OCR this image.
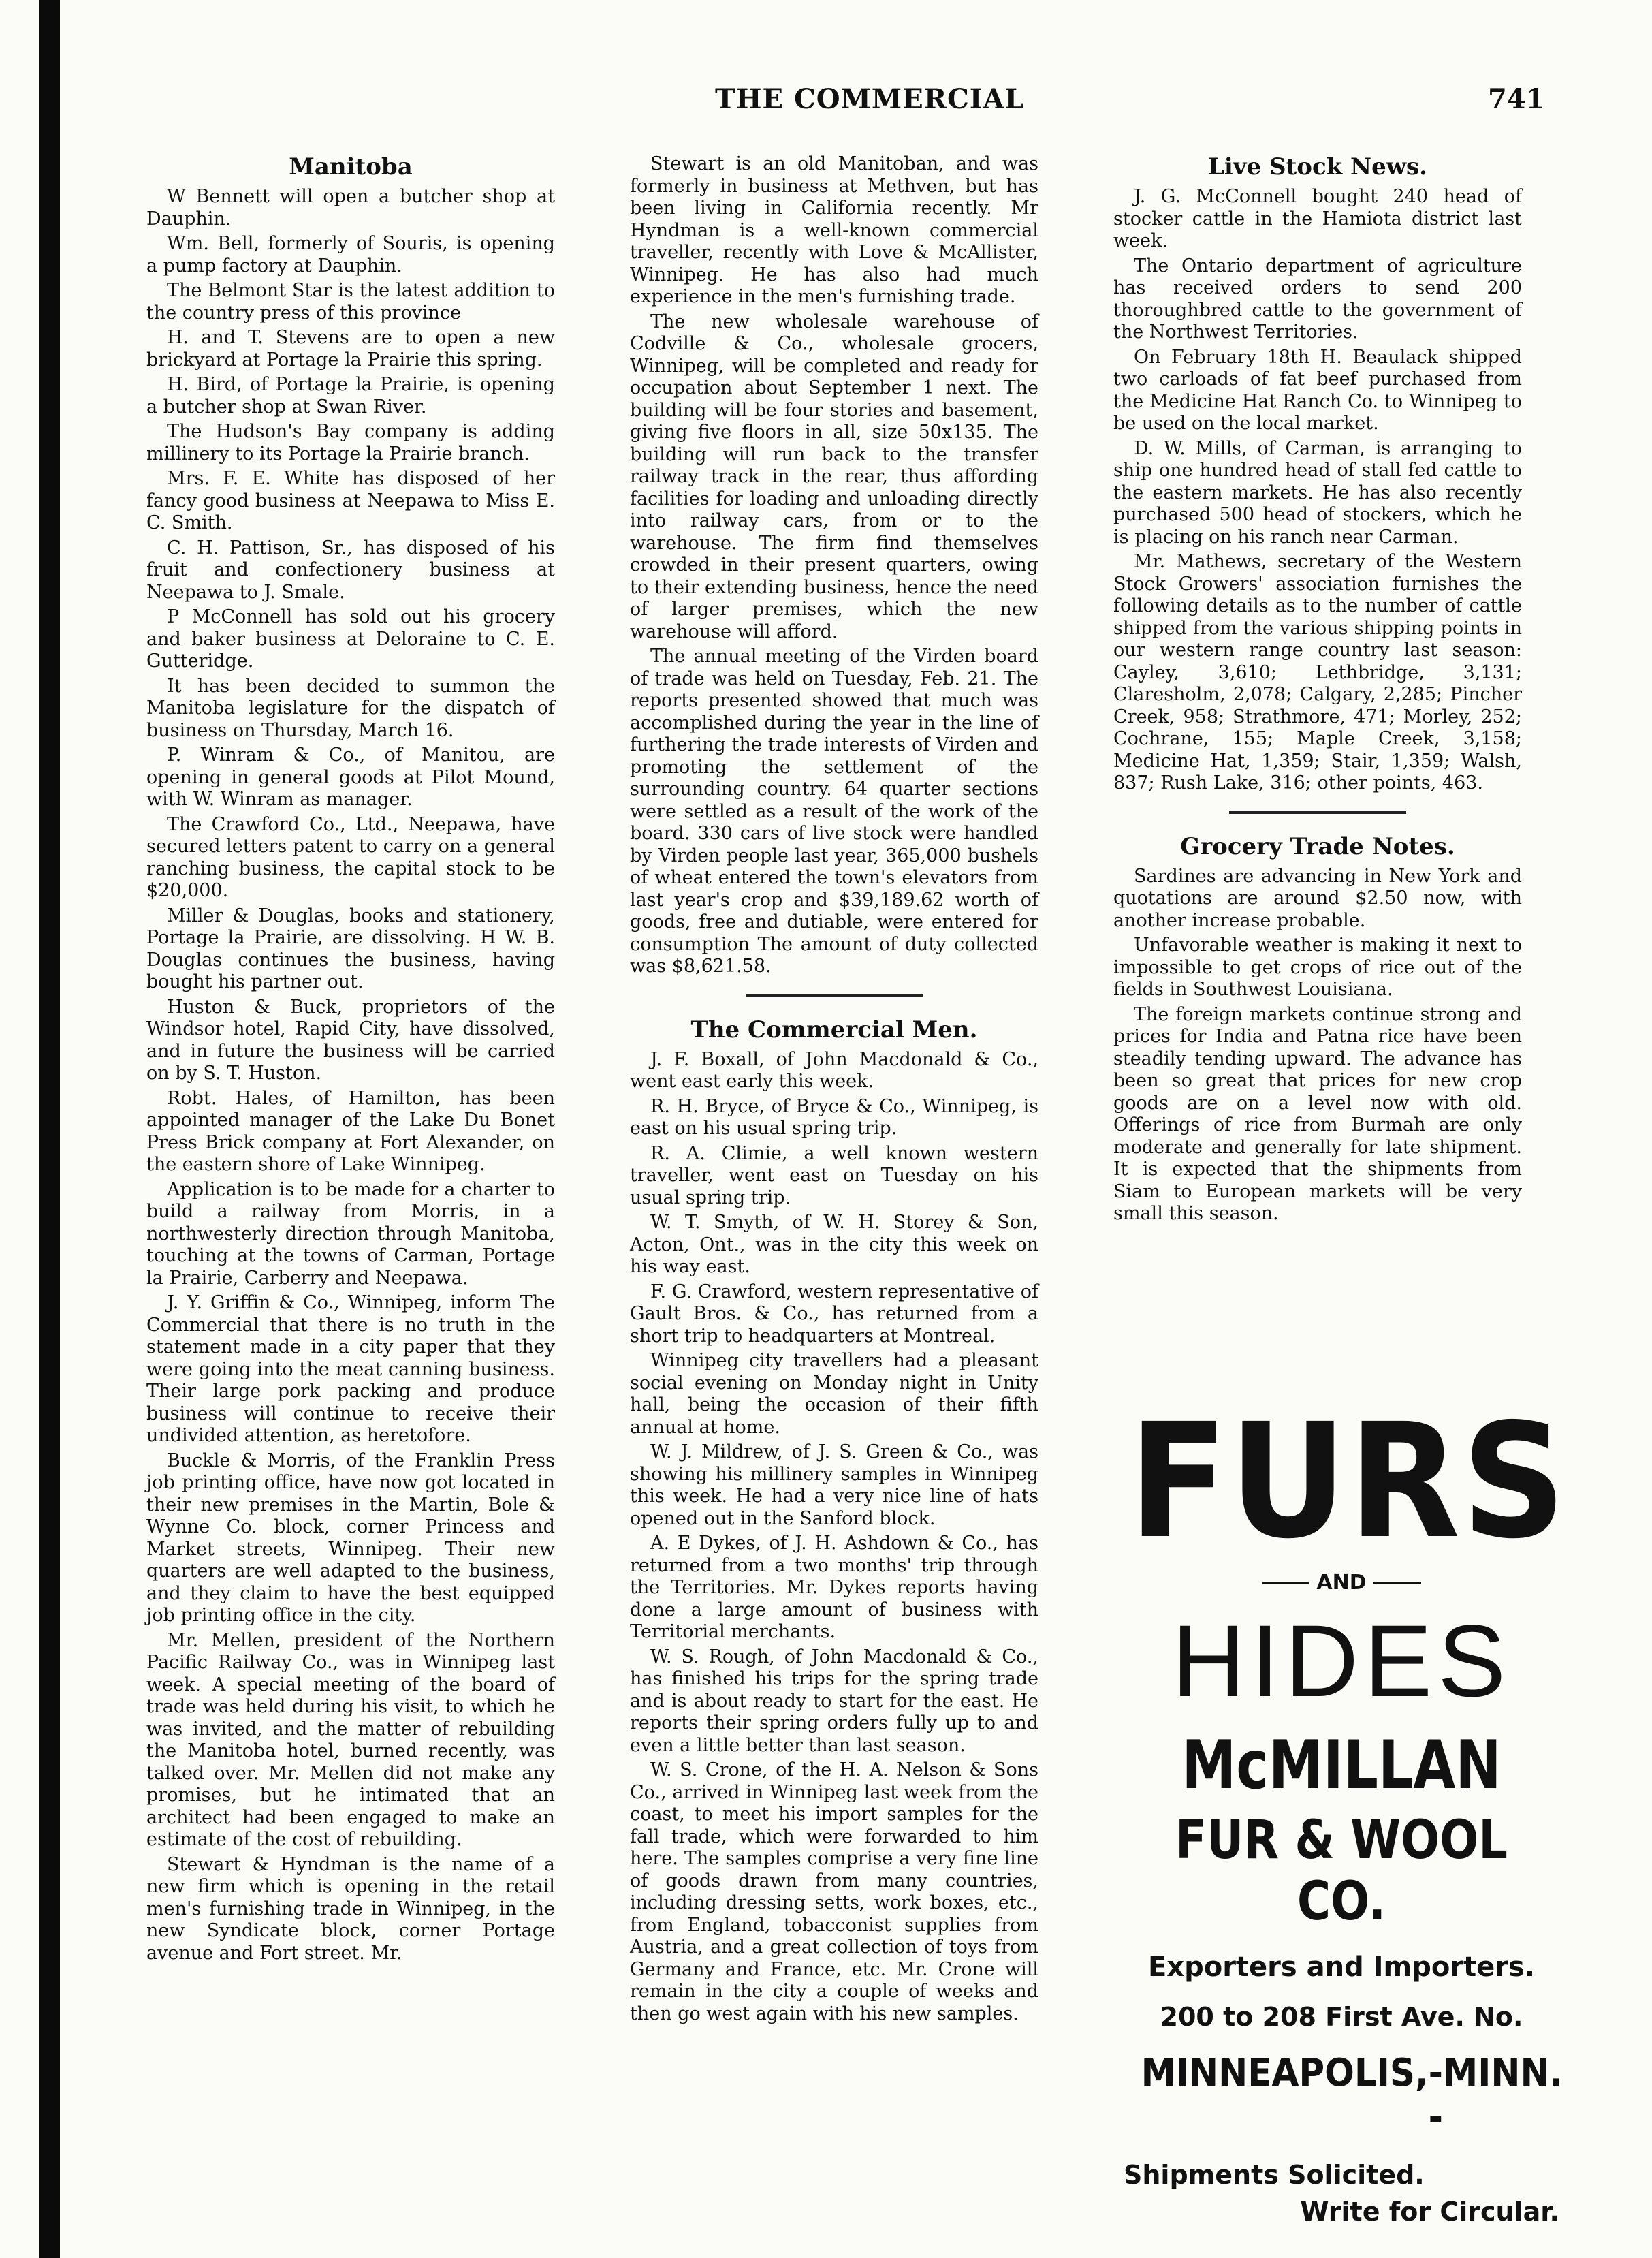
THE COMMERCIAL	741
Manitoba

W Bennett will open a butcher shop at Dauphin.

Wm. Bell, formerly of Souris, is opening a pump factory at Dauphin.

The Belmont Star is the latest addition to the country press of this province

H. and T. Stevens are to open a new brickyard at Portage la Prairie this spring.

H. Bird, of Portage la Prairie, is opening a butcher shop at Swan River.

The Hudson's Bay company is adding millinery to its Portage la Prairie branch.

Mrs. F. E. White has disposed of her fancy good business at Neepawa to Miss E. C. Smith.

C. H. Pattison, Sr., has disposed of his fruit and confectionery business at Neepawa to J. Smale.

P McConnell has sold out his grocery and baker business at Deloraine to C. E. Gutteridge.

It has been decided to summon the Manitoba legislature for the dispatch of business on Thursday, March 16.

P. Winram & Co., of Manitou, are opening in general goods at Pilot Mound, with W. Winram as manager.

The Crawford Co., Ltd., Neepawa, have secured letters patent to carry on a general ranching business, the capital stock to be $20,000.

Miller & Douglas, books and stationery, Portage la Prairie, are dissolving. H W. B. Douglas continues the business, having bought his partner out.

Huston & Buck, proprietors of the Windsor hotel, Rapid City, have dissolved, and in future the business will be carried on by S. T. Huston.

Robt. Hales, of Hamilton, has been appointed manager of the Lake Du Bonet Press Brick company at Fort Alexander, on the eastern shore of Lake Winnipeg.

Application is to be made for a charter to build a railway from Morris, in a northwesterly direction through Manitoba, touching at the towns of Carman, Portage la Prairie, Carberry and Neepawa.

J. Y. Griffin & Co., Winnipeg, inform The Commercial that there is no truth in the statement made in a city paper that they were going into the meat canning business. Their large pork packing and produce business will continue to receive their undivided attention, as heretofore.

Buckle & Morris, of the Franklin Press job printing office, have now got located in their new premises in the Martin, Bole & Wynne Co. block, corner Princess and Market streets, Winnipeg. Their new quarters are well adapted to the business, and they claim to have the best equipped job printing office in the city.

Mr. Mellen, president of the Northern Pacific Railway Co., was in Winnipeg last week. A special meeting of the board of trade was held during his visit, to which he was invited, and the matter of rebuilding the Manitoba hotel, burned recently, was talked over. Mr. Mellen did not make any promises, but he intimated that an architect had been engaged to make an estimate of the cost of rebuilding.

Stewart & Hyndman is the name of a new firm which is opening in the retail men's furnishing trade in Winnipeg, in the new Syndicate block, corner Portage avenue and Fort street. Mr.

Stewart is an old Manitoban, and was formerly in business at Methven, but has been living in California recently. Mr Hyndman is a well-known commercial traveller, recently with Love & McAllister, Winnipeg. He has also had much experience in the men's furnishing trade.

The new wholesale warehouse of Codville & Co., wholesale grocers, Winnipeg, will be completed and ready for occupation about September 1 next. The building will be four stories and basement, giving five floors in all, size 50x135. The building will run back to the transfer railway track in the rear, thus affording facilities for loading and unloading directly into railway cars, from or to the warehouse. The firm find themselves crowded in their present quarters, owing to their extending business, hence the need of larger premises, which the new warehouse will afford.

The annual meeting of the Virden board of trade was held on Tuesday, Feb. 21. The reports presented showed that much was accomplished during the year in the line of furthering the trade interests of Virden and promoting the settlement of the surrounding country. 64 quarter sections were settled as a result of the work of the board. 330 cars of live stock were handled by Virden people last year, 365,000 bushels of wheat entered the town's elevators from last year's crop and $39,189.62 worth of goods, free and dutiable, were entered for consumption The amount of duty collected was $8,621.58.

The Commercial Men.

J. F. Boxall, of John Macdonald & Co., went east early this week.

R. H. Bryce, of Bryce & Co., Winnipeg, is east on his usual spring trip.

R. A. Climie, a well known western traveller, went east on Tuesday on his usual spring trip.

W. T. Smyth, of W. H. Storey & Son, Acton, Ont., was in the city this week on his way east.

F. G. Crawford, western representative of Gault Bros. & Co., has returned from a short trip to headquarters at Montreal.

Winnipeg city travellers had a pleasant social evening on Monday night in Unity hall, being the occasion of their fifth annual at home.

W. J. Mildrew, of J. S. Green & Co., was showing his millinery samples in Winnipeg this week. He had a very nice line of hats opened out in the Sanford block.

A. E Dykes, of J. H. Ashdown & Co., has returned from a two months' trip through the Territories. Mr. Dykes reports having done a large amount of business with Territorial merchants.

W. S. Rough, of John Macdonald & Co., has finished his trips for the spring trade and is about ready to start for the east. He reports their spring orders fully up to and even a little better than last season.

W. S. Crone, of the H. A. Nelson & Sons Co., arrived in Winnipeg last week from the coast, to meet his import samples for the fall trade, which were forwarded to him here. The samples comprise a very fine line of goods drawn from many countries, including dressing setts, work boxes, etc., from England, tobacconist supplies from Austria, and a great collection of toys from Germany and France, etc. Mr. Crone will remain in the city a couple of weeks and then go west again with his new samples.

Live Stock News.

J. G. McConnell bought 240 head of stocker cattle in the Hamiota district last week.

The Ontario department of agriculture has received orders to send 200 thoroughbred cattle to the government of the Northwest Territories.

On February 18th H. Beaulack shipped two carloads of fat beef purchased from the Medicine Hat Ranch Co. to Winnipeg to be used on the local market.

D. W. Mills, of Carman, is arranging to ship one hundred head of stall fed cattle to the eastern markets. He has also recently purchased 500 head of stockers, which he is placing on his ranch near Carman.

Mr. Mathews, secretary of the Western Stock Growers' association furnishes the following details as to the number of cattle shipped from the various shipping points in our western range country last season: Cayley, 3,610; Lethbridge, 3,131; Claresholm, 2,078; Calgary, 2,285; Pincher Creek, 958; Strathmore, 471; Morley, 252; Cochrane, 155; Maple Creek, 3,158; Medicine Hat, 1,359; Stair, 1,359; Walsh, 837; Rush Lake, 316; other points, 463.

Grocery Trade Notes.

Sardines are advancing in New York and quotations are around $2.50 now, with another increase probable.

Unfavorable weather is making it next to impossible to get crops of rice out of the fields in Southwest Louisiana.

The foreign markets continue strong and prices for India and Patna rice have been steadily tending upward. The advance has been so great that prices for new crop goods are on a level now with old. Offerings of rice from Burmah are only moderate and generally for late shipment. It is expected that the shipments from Siam to European markets will be very small this season.

FURS
AND
HIDES
McMILLAN
FUR & WOOL CO.
Exporters and Importers.
200 to 208 First Ave. No.
MINNEAPOLIS, - -
MINN.
Shipments Solicited.
Write for Circular.
